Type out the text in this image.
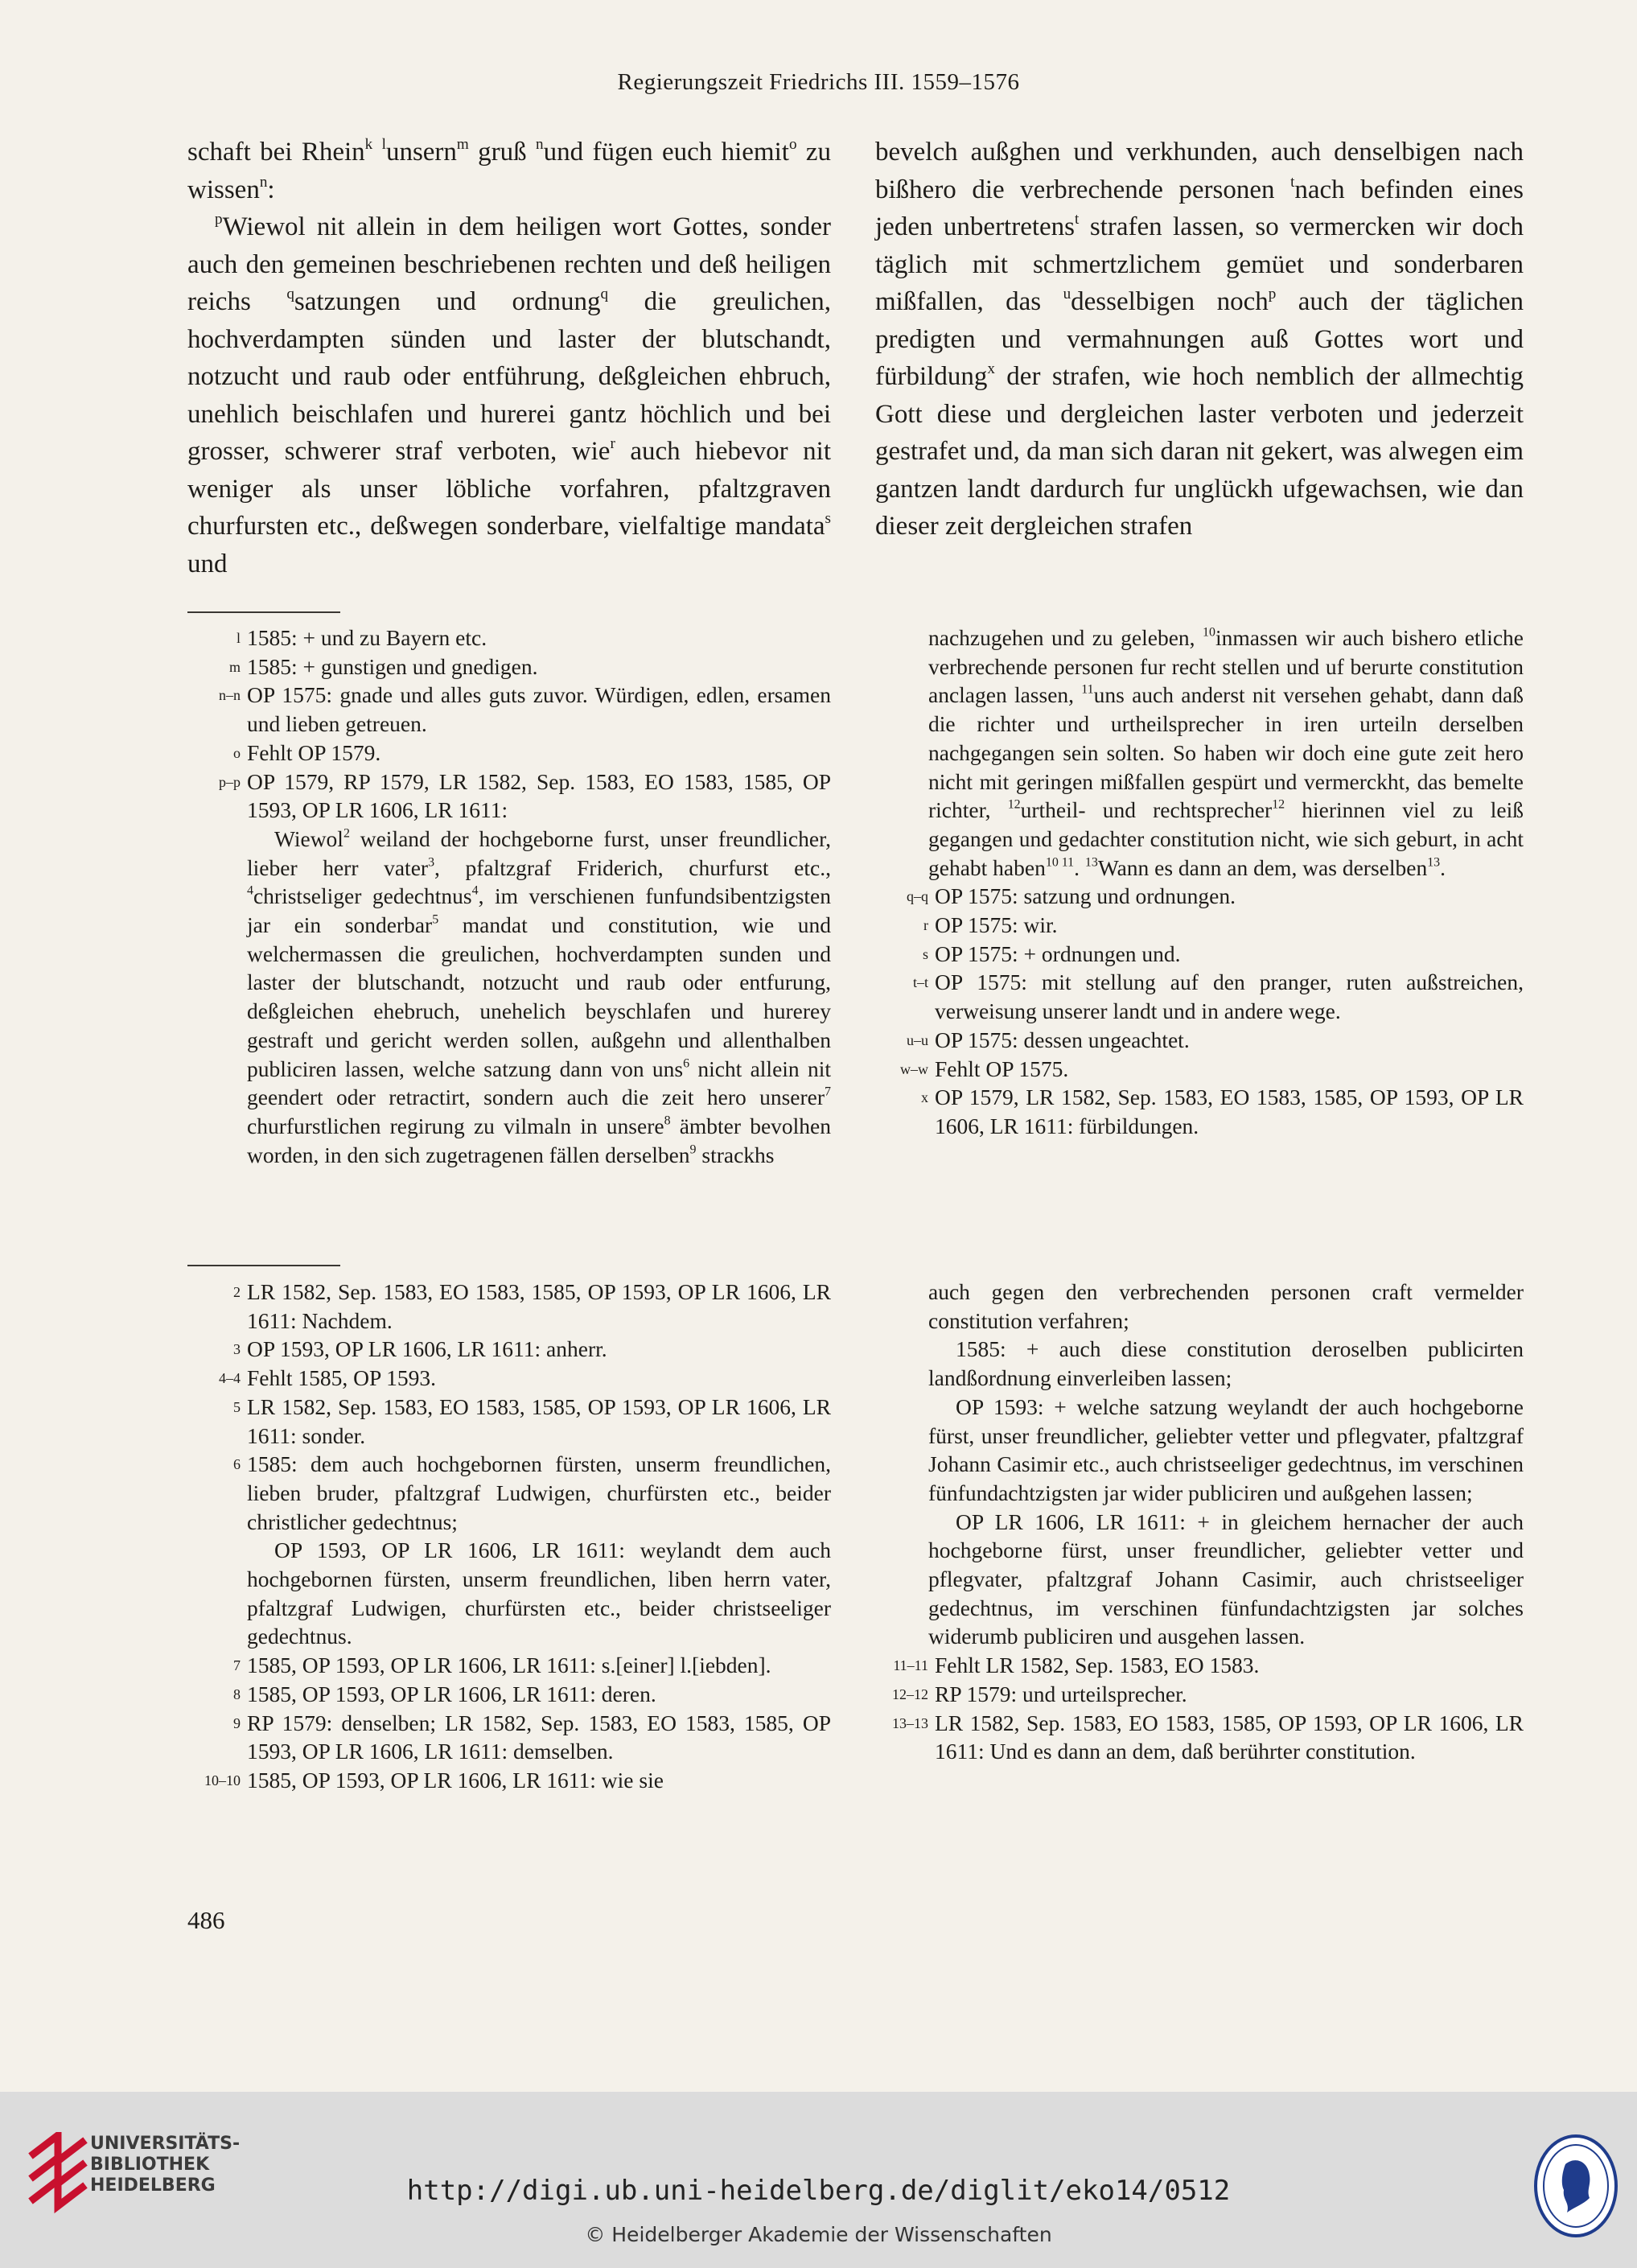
Regierungszeit Friedrichs III. 1559–1576

schaft bei Rhein$^k$ $^l$unsern$^m$ gruß $^n$und fügen euch hiemit$^o$ zu wissen$^n$:

$^p$Wiewol nit allein in dem heiligen wort Gottes, sonder auch den gemeinen beschriebenen rechten und deß heiligen reichs $^q$satzungen und ordnung$^q$ die greulichen, hochverdampten sünden und laster der blutschandt, notzucht und raub oder entführung, deßgleichen ehbruch, unehlich beischlafen und hurerei gantz höchlich und bei grosser, schwerer straf verboten, wie$^r$ auch hiebevor nit weniger als unser löbliche vorfahren, pfaltzgraven churfursten etc., deßwegen sonderbare, vielfaltige mandata$^s$ und

bevelch außghen und verkhunden, auch denselbigen nach bißhero die verbrechende personen $^t$nach befinden eines jeden unbertretens$^t$ strafen lassen, so vermercken wir doch täglich mit schmertzlichem gemüet und sonderbaren mißfallen, das $^u$desselbigen noch$^p$ auch der täglichen predigten und vermahnungen auß Gottes wort und fürbildung$^x$ der strafen, wie hoch nemblich der allmechtig Gott diese und dergleichen laster verboten und jederzeit gestrafet und, da man sich daran nit gekert, was alwegen eim gantzen landt dardurch fur unglückh ufgewachsen, wie dan dieser zeit dergleichen strafen

l 1585: + und zu Bayern etc.
m 1585: + gunstigen und gnedigen.
n–n OP 1575: gnade und alles guts zuvor. Würdigen, edlen, ersamen und lieben getreuen.
o Fehlt OP 1579.
p–p OP 1579, RP 1579, LR 1582, Sep. 1583, EO 1583, 1585, OP 1593, OP LR 1606, LR 1611:
Wiewol$^2$ weiland der hochgeborne furst, unser freundlicher, lieber herr vater$^3$, pfaltzgraf Friderich, churfurst etc., $^4$christseliger gedechtnus$^4$, im verschienen funfundsibentzigsten jar ein sonderbar$^5$ mandat und constitution, wie und welchermassen die greulichen, hochverdampten sunden und laster der blutschandt, notzucht und raub oder entfurung, deßgleichen ehebruch, unehelich beyschlafen und hurerey gestraft und gericht werden sollen, außgehn und allenthalben publiciren lassen, welche satzung dann von uns$^6$ nicht allein nit geendert oder retractirt, sondern auch die zeit hero unserer$^7$ churfurstlichen regirung zu vilmaln in unsere$^8$ ämbter bevolhen worden, in den sich zugetragenen fällen derselben$^9$ strackhs
nachzugehen und zu geleben, $^{10}$inmassen wir auch bishero etliche verbrechende personen fur recht stellen und uf berurte constitution anclagen lassen, $^{11}$uns auch anderst nit versehen gehabt, dann daß die richter und urtheilsprecher in iren urteiln derselben nachgegangen sein solten. So haben wir doch eine gute zeit hero nicht mit geringen mißfallen gespürt und vermerckht, das bemelte richter, $^{12}$urtheil- und rechtsprecher$^{12}$ hierinnen viel zu leiß gegangen und gedachter constitution nicht, wie sich geburt, in acht gehabt haben$^{10 11}$. $^{13}$Wann es dann an dem, was derselben$^{13}$.
q–q OP 1575: satzung und ordnungen.
r OP 1575: wir.
s OP 1575: + ordnungen und.
t–t OP 1575: mit stellung auf den pranger, ruten außstreichen, verweisung unserer landt und in andere wege.
u–u OP 1575: dessen ungeachtet.
w–w Fehlt OP 1575.
x OP 1579, LR 1582, Sep. 1583, EO 1583, 1585, OP 1593, OP LR 1606, LR 1611: fürbildungen.
2 LR 1582, Sep. 1583, EO 1583, 1585, OP 1593, OP LR 1606, LR 1611: Nachdem.
3 OP 1593, OP LR 1606, LR 1611: anherr.
4–4 Fehlt 1585, OP 1593.
5 LR 1582, Sep. 1583, EO 1583, 1585, OP 1593, OP LR 1606, LR 1611: sonder.
6 1585: dem auch hochgebornen fürsten, unserm freundlichen, lieben bruder, pfaltzgraf Ludwigen, churfürsten etc., beider christlicher gedechtnus;
OP 1593, OP LR 1606, LR 1611: weylandt dem auch hochgebornen fürsten, unserm freundlichen, liben herrn vater, pfaltzgraf Ludwigen, churfürsten etc., beider christseeliger gedechtnus.
7 1585, OP 1593, OP LR 1606, LR 1611: s.[einer] l.[iebden].
8 1585, OP 1593, OP LR 1606, LR 1611: deren.
9 RP 1579: denselben; LR 1582, Sep. 1583, EO 1583, 1585, OP 1593, OP LR 1606, LR 1611: demselben.
10–10 1585, OP 1593, OP LR 1606, LR 1611: wie sie
auch gegen den verbrechenden personen craft vermelder constitution verfahren;
1585: + auch diese constitution deroselben publicirten landßordnung einverleiben lassen;
OP 1593: + welche satzung weylandt der auch hochgeborne fürst, unser freundlicher, geliebter vetter und pflegvater, pfaltzgraf Johann Casimir etc., auch christseeliger gedechtnus, im verschinen fünfundachtzigsten jar wider publiciren und außgehen lassen;
OP LR 1606, LR 1611: + in gleichem hernacher der auch hochgeborne fürst, unser freundlicher, geliebter vetter und pflegvater, pfaltzgraf Johann Casimir, auch christseeliger gedechtnus, im verschinen fünfundachtzigsten jar solches widerumb publiciren und ausgehen lassen.
11–11 Fehlt LR 1582, Sep. 1583, EO 1583.
12–12 RP 1579: und urteilsprecher.
13–13 LR 1582, Sep. 1583, EO 1583, 1585, OP 1593, OP LR 1606, LR 1611: Und es dann an dem, daß berührter constitution.
486
UNIVERSITÄTS-
BIBLIOTHEK
HEIDELBERG	http://digi.ub.uni-heidelberg.de/diglit/eko14/0512
© Heidelberger Akademie der Wissenschaften
